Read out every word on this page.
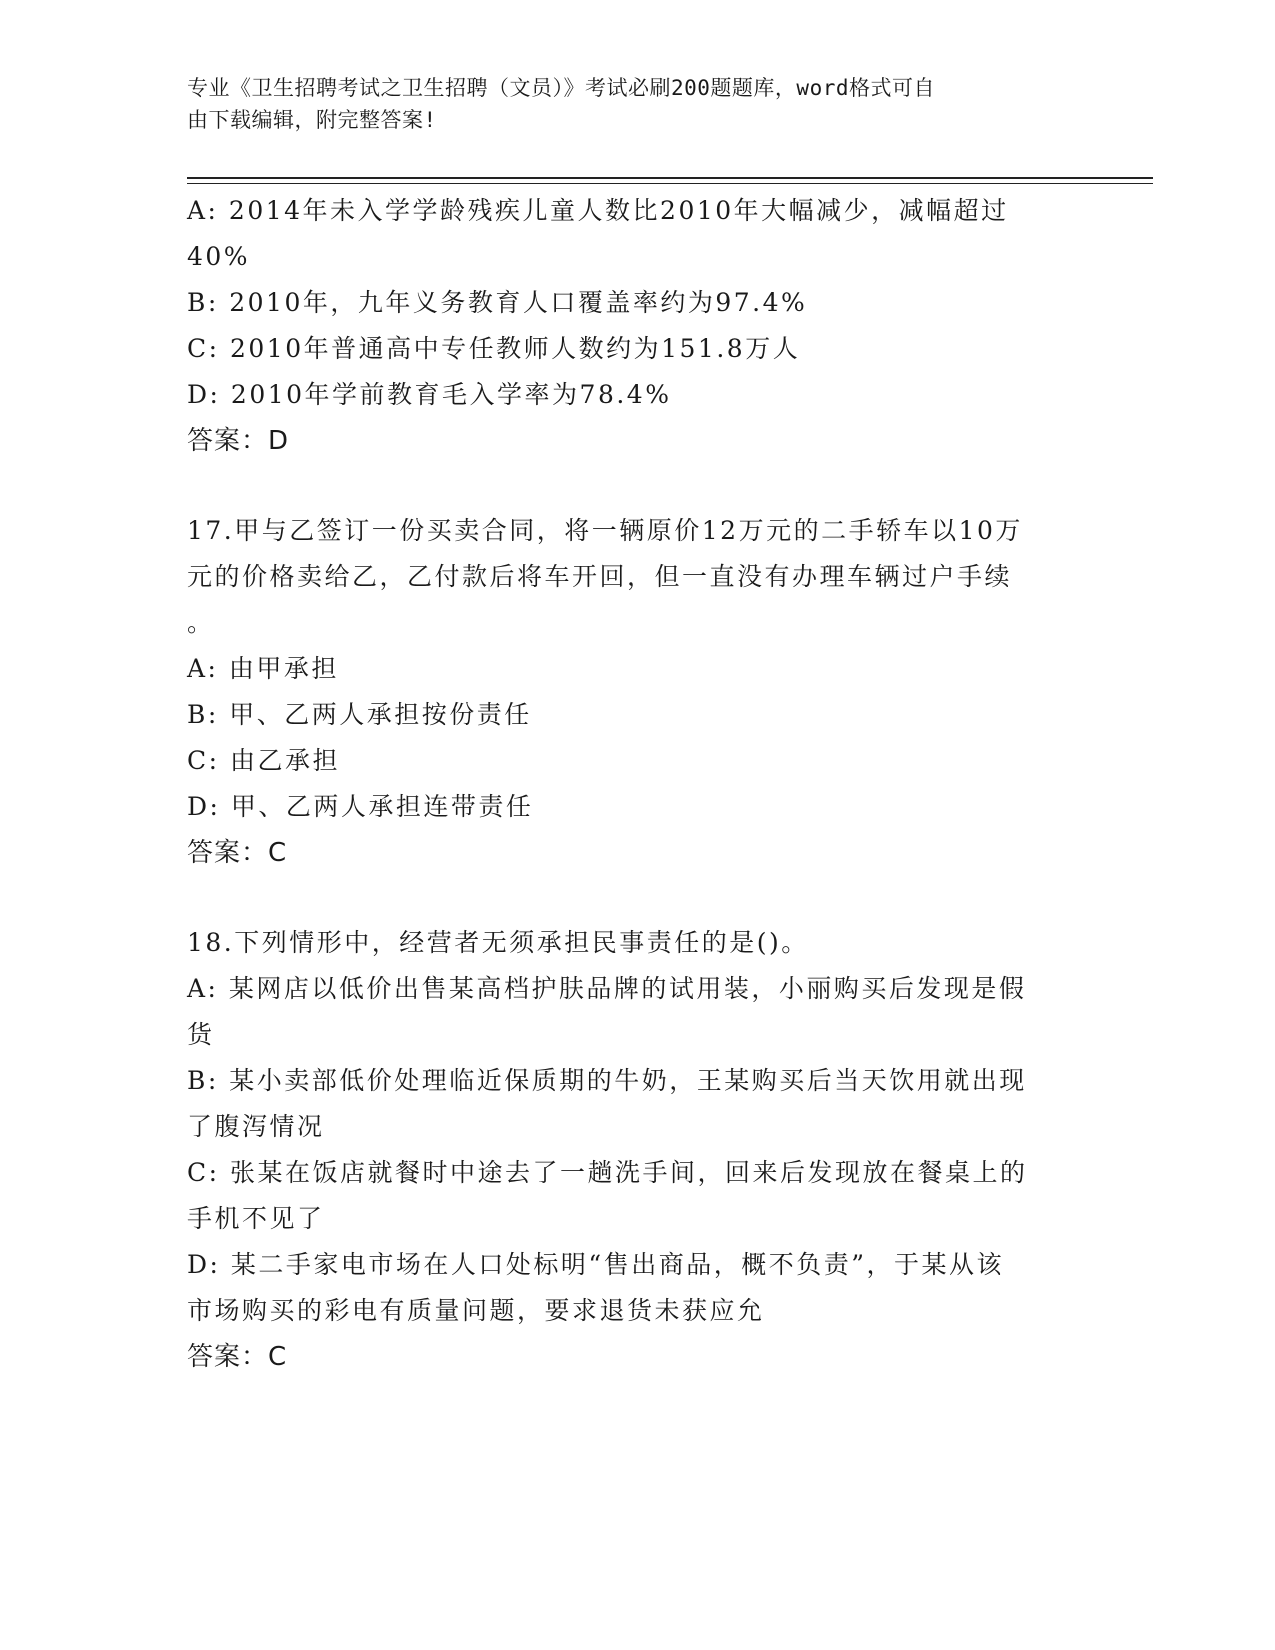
专业《卫生招聘考试之卫生招聘（文员）》考试必刷200题题库，word格式可自
由下载编辑，附完整答案!
A: 2014年未入学学龄残疾儿童人数比2010年大幅减少，减幅超过
40%
B: 2010年，九年义务教育人口覆盖率约为97.4%
C: 2010年普通高中专任教师人数约为151.8万人
D: 2010年学前教育毛入学率为78.4%
答案：D
17.甲与乙签订一份买卖合同，将一辆原价12万元的二手轿车以10万
元的价格卖给乙，乙付款后将车开回，但一直没有办理车辆过户手续
。
A: 由甲承担
B: 甲、乙两人承担按份责任
C: 由乙承担
D: 甲、乙两人承担连带责任
答案：C
18.下列情形中，经营者无须承担民事责任的是()。
A: 某网店以低价出售某高档护肤品牌的试用装，小丽购买后发现是假
货
B: 某小卖部低价处理临近保质期的牛奶，王某购买后当天饮用就出现
了腹泻情况
C: 张某在饭店就餐时中途去了一趟洗手间，回来后发现放在餐桌上的
手机不见了
D: 某二手家电市场在人口处标明“售出商品，概不负责”，于某从该
市场购买的彩电有质量问题，要求退货未获应允
答案：C
